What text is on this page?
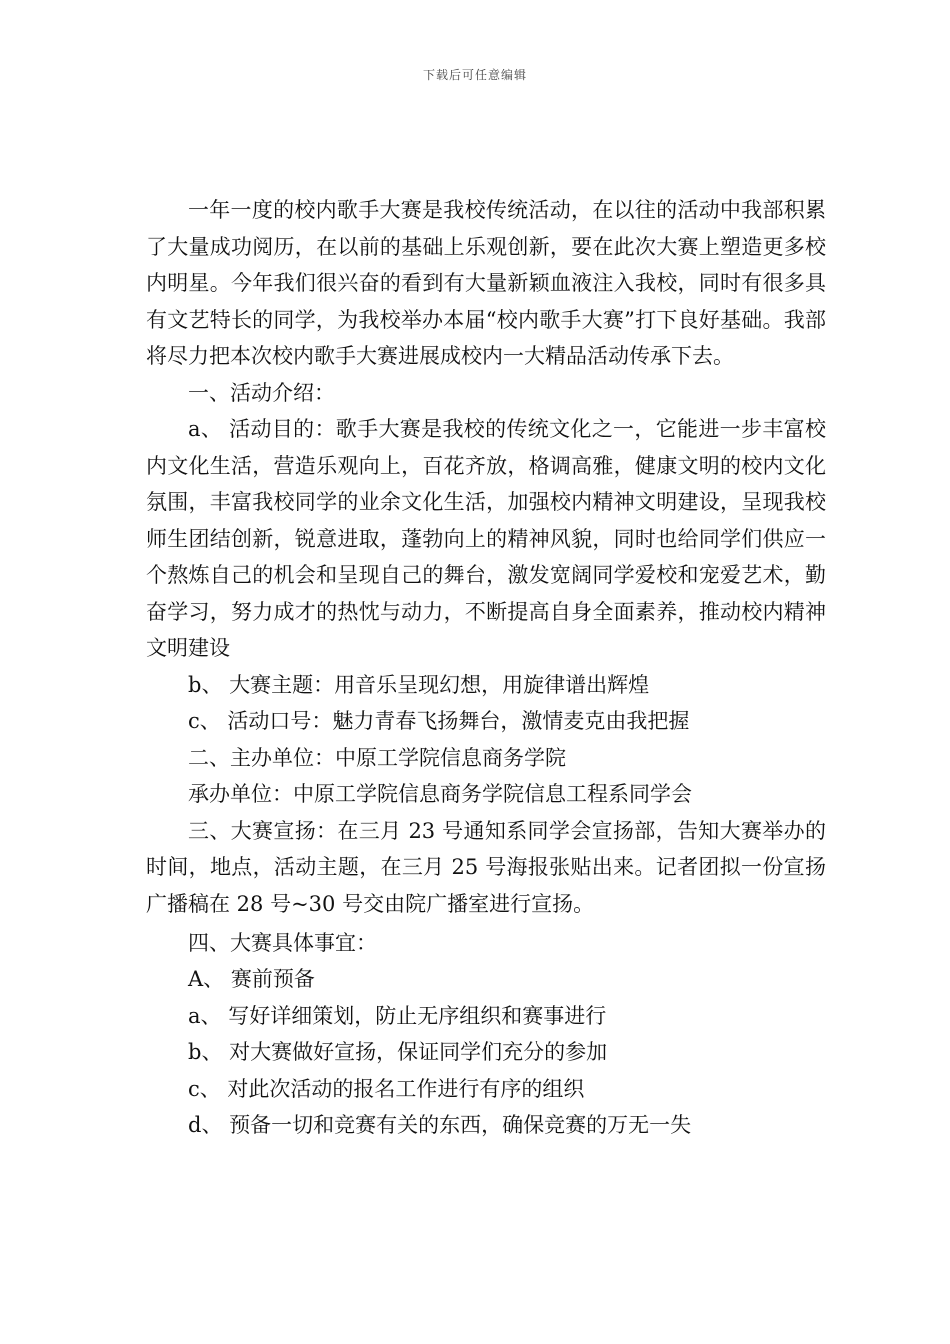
下载后可任意编辑

一年一度的校内歌手大赛是我校传统活动，在以往的活动中我部积累了大量成功阅历，在以前的基础上乐观创新，要在此次大赛上塑造更多校内明星。今年我们很兴奋的看到有大量新颖血液注入我校，同时有很多具有文艺特长的同学，为我校举办本届“校内歌手大赛”打下良好基础。我部将尽力把本次校内歌手大赛进展成校内一大精品活动传承下去。

一、活动介绍：

a、 活动目的：歌手大赛是我校的传统文化之一，它能进一步丰富校内文化生活，营造乐观向上，百花齐放，格调高雅，健康文明的校内文化氛围，丰富我校同学的业余文化生活，加强校内精神文明建设，呈现我校师生团结创新，锐意进取，蓬勃向上的精神风貌，同时也给同学们供应一个熬炼自己的机会和呈现自己的舞台，激发宽阔同学爱校和宠爱艺术，勤奋学习，努力成才的热忱与动力，不断提高自身全面素养，推动校内精神文明建设

b、 大赛主题：用音乐呈现幻想，用旋律谱出辉煌

c、 活动口号：魅力青春飞扬舞台，激情麦克由我把握

二、主办单位：中原工学院信息商务学院

承办单位：中原工学院信息商务学院信息工程系同学会

三、大赛宣扬：在三月 23 号通知系同学会宣扬部，告知大赛举办的时间，地点，活动主题，在三月 25 号海报张贴出来。记者团拟一份宣扬广播稿在 28 号~30 号交由院广播室进行宣扬。

四、大赛具体事宜：

A、 赛前预备

a、 写好详细策划，防止无序组织和赛事进行

b、 对大赛做好宣扬，保证同学们充分的参加

c、 对此次活动的报名工作进行有序的组织

d、 预备一切和竞赛有关的东西，确保竞赛的万无一失
